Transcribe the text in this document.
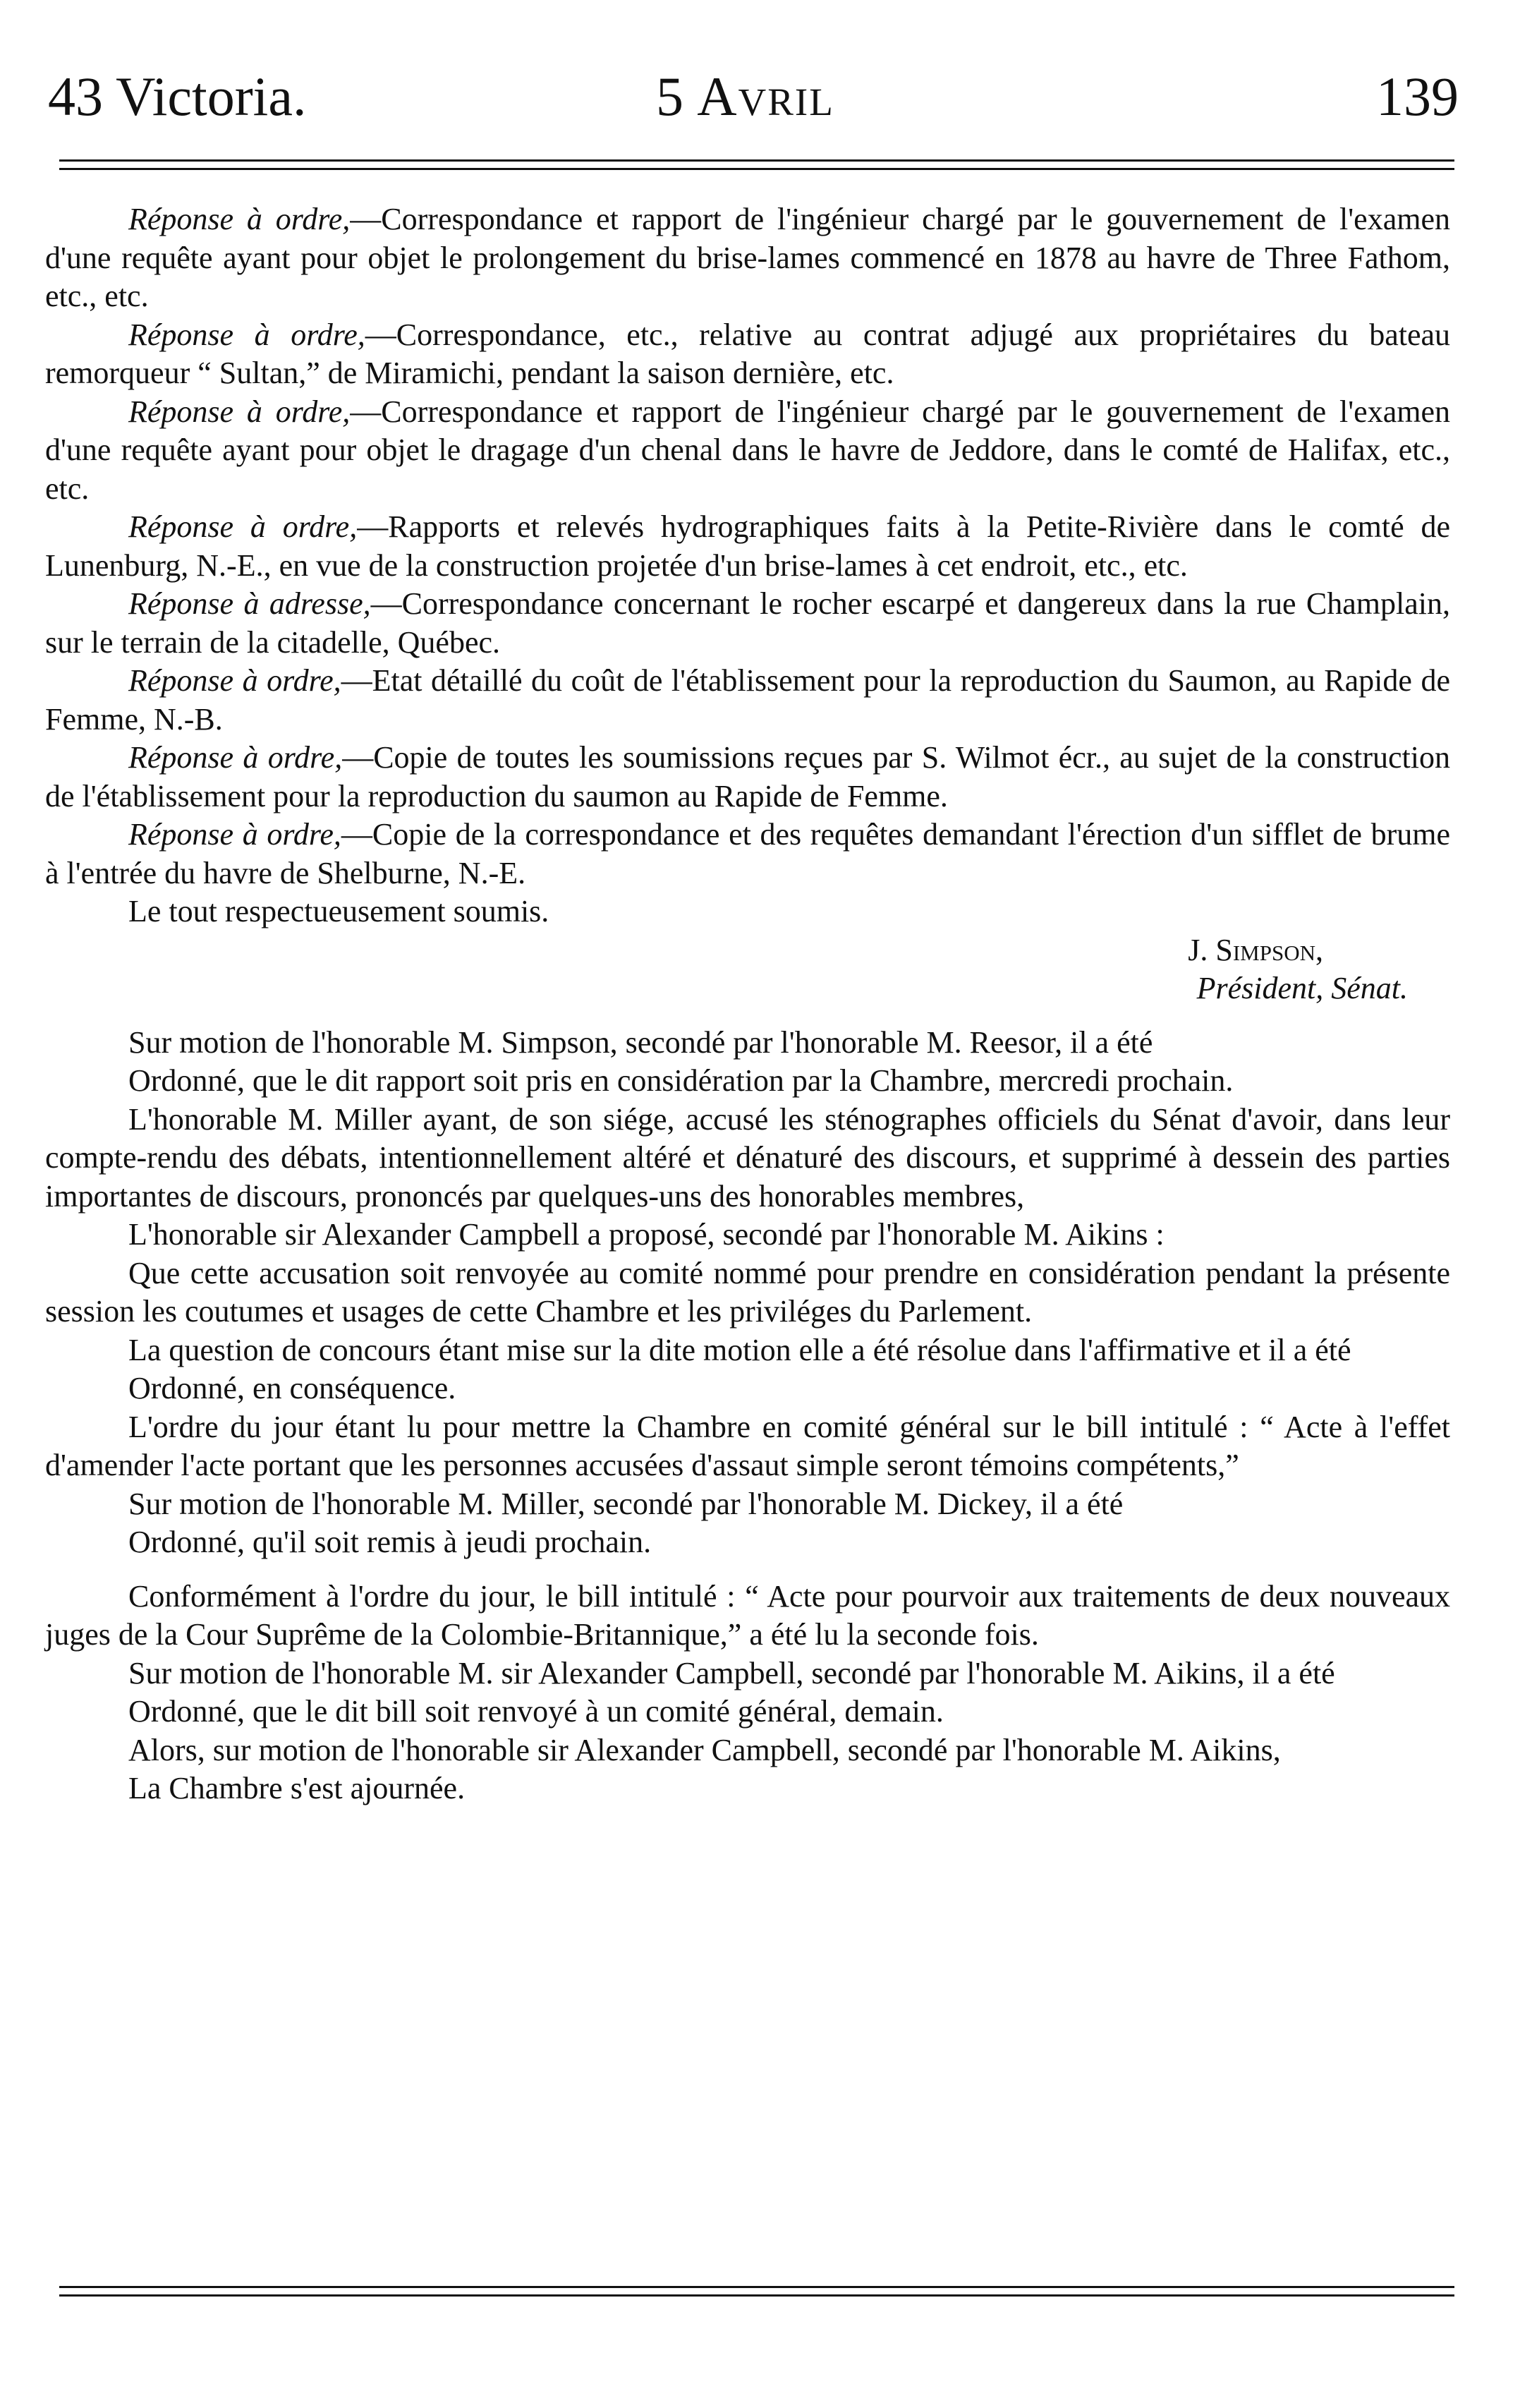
43 Victoria.	5 Avril	139

Réponse à ordre,—Correspondance et rapport de l'ingénieur chargé par le gouvernement de l'examen d'une requête ayant pour objet le prolongement du brise-lames commencé en 1878 au havre de Three Fathom, etc., etc.

Réponse à ordre,—Correspondance, etc., relative au contrat adjugé aux propriétaires du bateau remorqueur “ Sultan,” de Miramichi, pendant la saison dernière, etc.

Réponse à ordre,—Correspondance et rapport de l'ingénieur chargé par le gouvernement de l'examen d'une requête ayant pour objet le dragage d'un chenal dans le havre de Jeddore, dans le comté de Halifax, etc., etc.

Réponse à ordre,—Rapports et relevés hydrographiques faits à la Petite-Rivière dans le comté de Lunenburg, N.-E., en vue de la construction projetée d'un brise-lames à cet endroit, etc., etc.

Réponse à adresse,—Correspondance concernant le rocher escarpé et dangereux dans la rue Champlain, sur le terrain de la citadelle, Québec.

Réponse à ordre,—Etat détaillé du coût de l'établissement pour la reproduction du Saumon, au Rapide de Femme, N.-B.

Réponse à ordre,—Copie de toutes les soumissions reçues par S. Wilmot écr., au sujet de la construction de l'établissement pour la reproduction du saumon au Rapide de Femme.

Réponse à ordre,—Copie de la correspondance et des requêtes demandant l'érection d'un sifflet de brume à l'entrée du havre de Shelburne, N.-E.

Le tout respectueusement soumis.

J. Simpson,

Président, Sénat.

Sur motion de l'honorable M. Simpson, secondé par l'honorable M. Reesor, il a été

Ordonné, que le dit rapport soit pris en considération par la Chambre, mercredi prochain.

L'honorable M. Miller ayant, de son siége, accusé les sténographes officiels du Sénat d'avoir, dans leur compte-rendu des débats, intentionnellement altéré et dénaturé des discours, et supprimé à dessein des parties importantes de discours, prononcés par quelques-uns des honorables membres,

L'honorable sir Alexander Campbell a proposé, secondé par l'honorable M. Aikins :

Que cette accusation soit renvoyée au comité nommé pour prendre en considération pendant la présente session les coutumes et usages de cette Chambre et les priviléges du Parlement.

La question de concours étant mise sur la dite motion elle a été résolue dans l'affirmative et il a été

Ordonné, en conséquence.

L'ordre du jour étant lu pour mettre la Chambre en comité général sur le bill intitulé : “ Acte à l'effet d'amender l'acte portant que les personnes accusées d'assaut simple seront témoins compétents,”

Sur motion de l'honorable M. Miller, secondé par l'honorable M. Dickey, il a été

Ordonné, qu'il soit remis à jeudi prochain.

Conformément à l'ordre du jour, le bill intitulé : “ Acte pour pourvoir aux traitements de deux nouveaux juges de la Cour Suprême de la Colombie-Britannique,” a été lu la seconde fois.

Sur motion de l'honorable M. sir Alexander Campbell, secondé par l'honorable M. Aikins, il a été

Ordonné, que le dit bill soit renvoyé à un comité général, demain.

Alors, sur motion de l'honorable sir Alexander Campbell, secondé par l'honorable M. Aikins,

La Chambre s'est ajournée.
